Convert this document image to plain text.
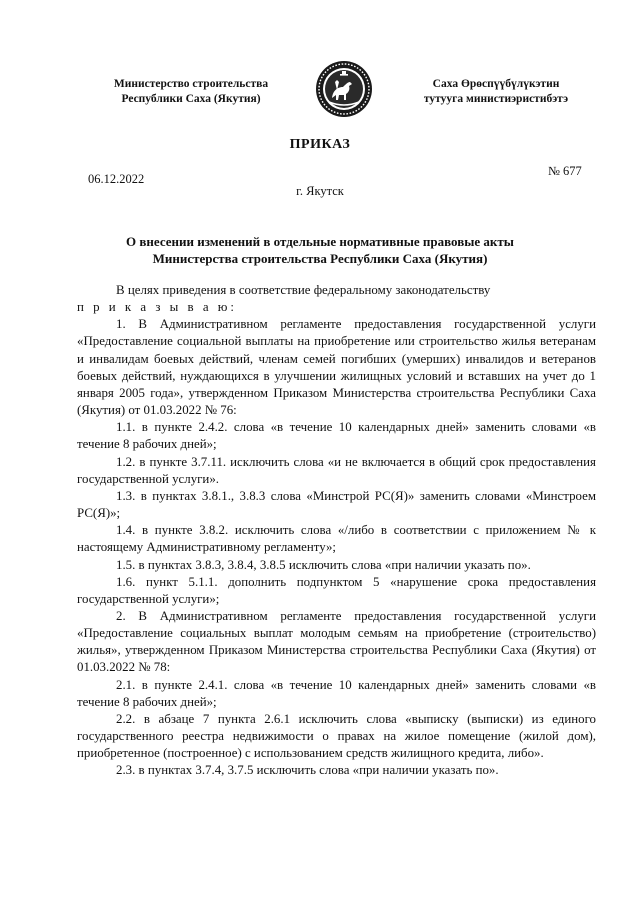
Министерство строительства
Республики Саха (Якутия)
Саха Өрөспүүбүлүкэтин
тутууга министиэристибэтэ
ПРИКАЗ
06.12.2022
№ 677
г. Якутск
О внесении изменений в отдельные нормативные правовые акты
Министерства строительства Республики Саха (Якутия)

В целях приведения в соответствие федеральному законодательству

п р и к а з ы в а ю:

1. В Административном регламенте предоставления государственной услуги «Предоставление социальной выплаты на приобретение или строительство жилья ветеранам и инвалидам боевых действий, членам семей погибших (умерших) инвалидов и ветеранов боевых действий, нуждающихся в улучшении жилищных условий и вставших на учет до 1 января 2005 года», утвержденном Приказом Министерства строительства Республики Саха (Якутия) от 01.03.2022 № 76:

1.1. в пункте 2.4.2. слова «в течение 10 календарных дней» заменить словами «в течение 8 рабочих дней»;

1.2. в пункте 3.7.11. исключить слова «и не включается в общий срок предоставления государственной услуги».

1.3. в пунктах 3.8.1., 3.8.3 слова «Минстрой РС(Я)» заменить словами «Минстроем РС(Я)»;

1.4. в пункте 3.8.2. исключить слова «/либо в соответствии с приложением № к настоящему Административному регламенту»;

1.5. в пунктах 3.8.3, 3.8.4, 3.8.5 исключить слова «при наличии указать по».

1.6. пункт 5.1.1. дополнить подпунктом 5 «нарушение срока предоставления государственной услуги»;

2. В Административном регламенте предоставления государственной услуги «Предоставление социальных выплат молодым семьям на приобретение (строительство) жилья», утвержденном Приказом Министерства строительства Республики Саха (Якутия) от 01.03.2022 № 78:

2.1. в пункте 2.4.1. слова «в течение 10 календарных дней» заменить словами «в течение 8 рабочих дней»;

2.2. в абзаце 7 пункта 2.6.1 исключить слова «выписку (выписки) из единого государственного реестра недвижимости о правах на жилое помещение (жилой дом), приобретенное (построенное) с использованием средств жилищного кредита, либо».

2.3. в пунктах 3.7.4, 3.7.5 исключить слова «при наличии указать по».
